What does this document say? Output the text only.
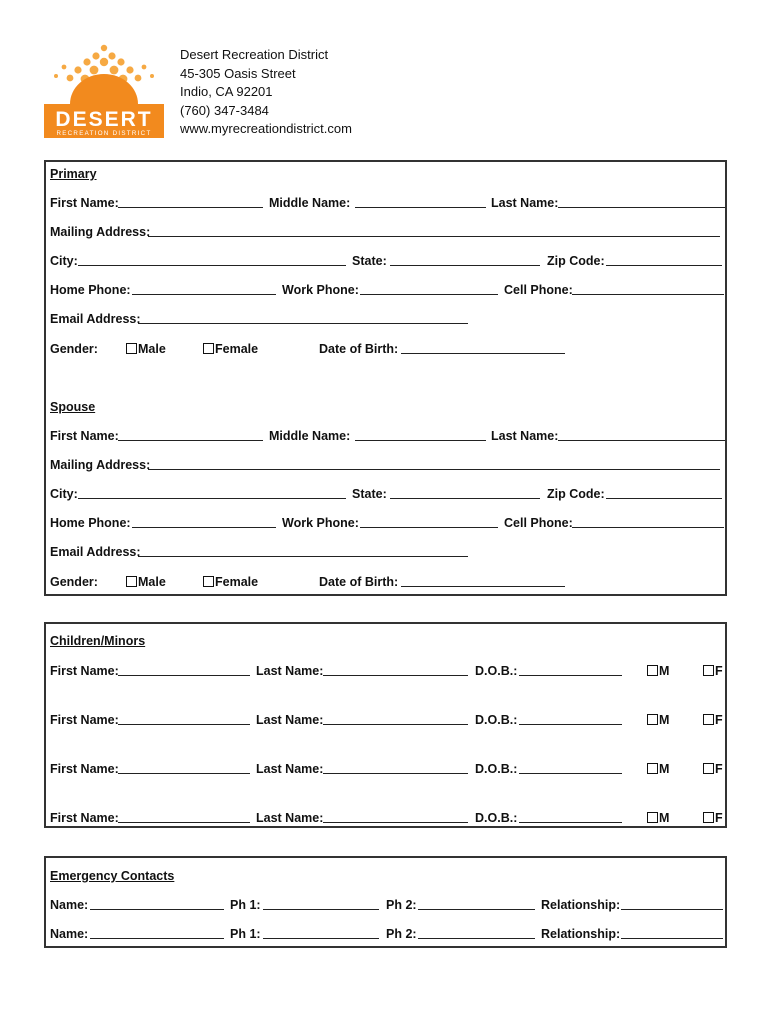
DESERT
RECREATION DISTRICT
Desert Recreation District
45-305 Oasis Street
Indio, CA 92201
(760) 347-3484
www.myrecreationdistrict.com
Primary
First Name:	Middle Name:	Last Name:
Mailing Address:
City:	State:	Zip Code:
Home Phone:	Work Phone:	Cell Phone:
Email Address:
Gender:	Male	Female	Date of Birth:
Spouse
First Name:	Middle Name:	Last Name:
Mailing Address:
City:	State:	Zip Code:
Home Phone:	Work Phone:	Cell Phone:
Email Address:
Gender:	Male	Female	Date of Birth:
Children/Minors
First Name:	Last Name:	D.O.B.:	M	F
First Name:	Last Name:	D.O.B.:	M	F
First Name:	Last Name:	D.O.B.:	M	F
First Name:	Last Name:	D.O.B.:	M	F
Emergency Contacts
Name:	Ph 1:	Ph 2:	Relationship:
Name:	Ph 1:	Ph 2:	Relationship:
